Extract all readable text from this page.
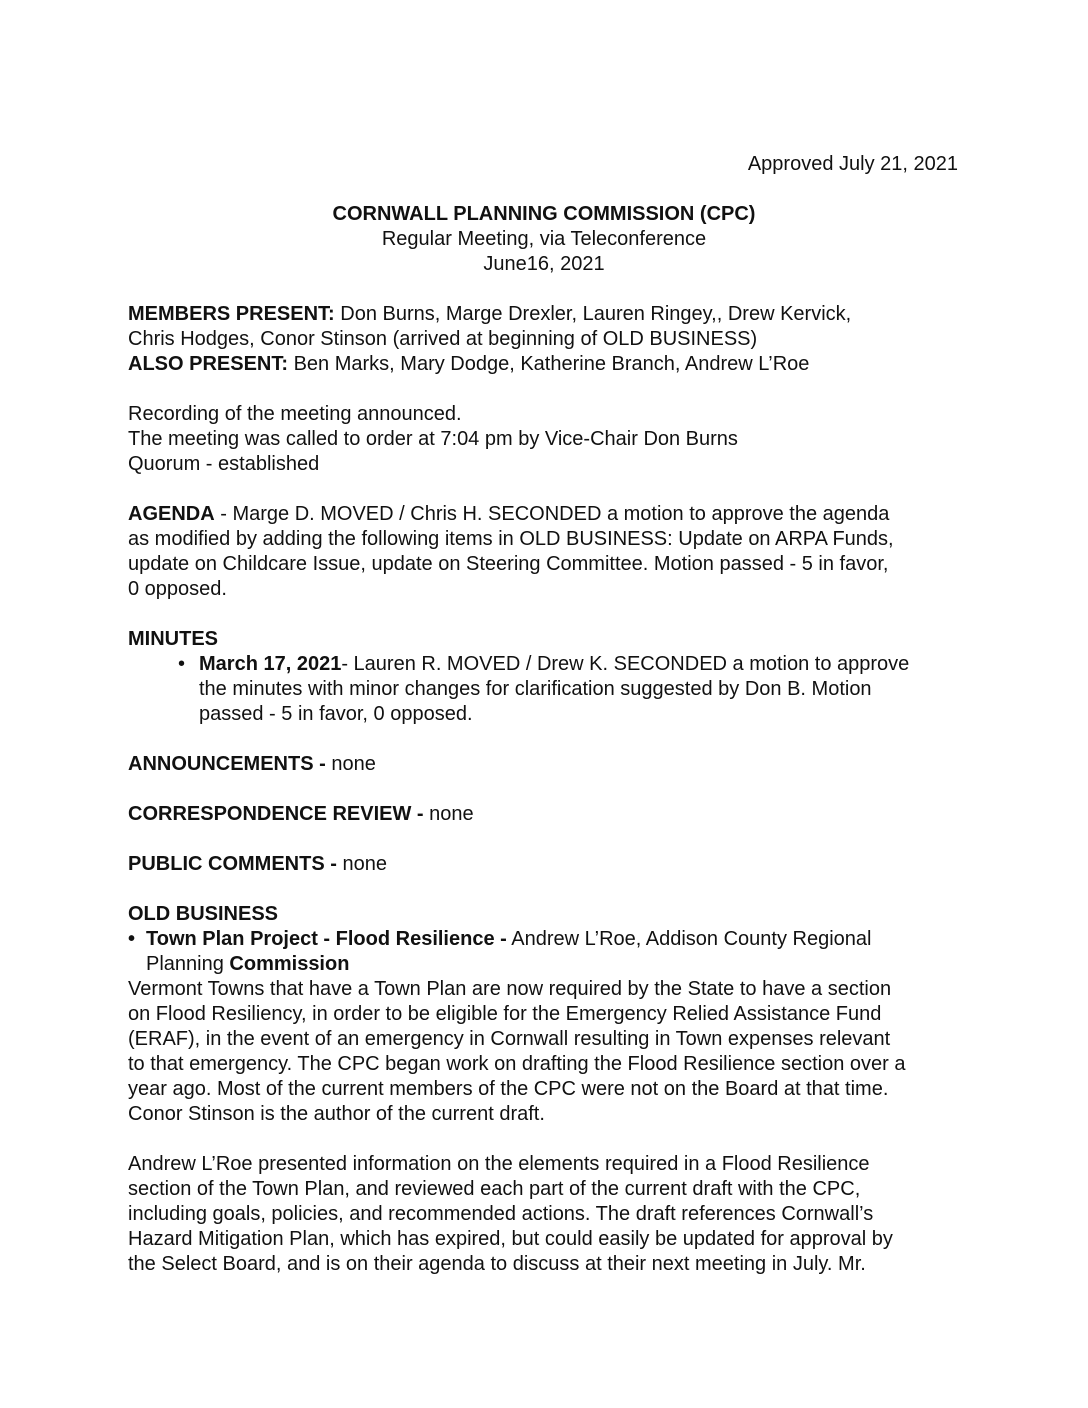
Approved July 21, 2021
CORNWALL PLANNING COMMISSION (CPC)
Regular Meeting, via Teleconference
June16, 2021
MEMBERS PRESENT: Don Burns, Marge Drexler, Lauren Ringey,, Drew Kervick,
Chris Hodges, Conor Stinson (arrived at beginning of OLD BUSINESS)
ALSO PRESENT: Ben Marks, Mary Dodge, Katherine Branch, Andrew L’Roe
Recording of the meeting announced.
The meeting was called to order at 7:04 pm by Vice-Chair Don Burns
Quorum - established
AGENDA - Marge D. MOVED / Chris H. SECONDED a motion to approve the agenda
as modified by adding the following items in OLD BUSINESS: Update on ARPA Funds,
update on Childcare Issue, update on Steering Committee. Motion passed - 5 in favor,
0 opposed.
MINUTES
• March 17, 2021- Lauren R. MOVED / Drew K. SECONDED a motion to approve
the minutes with minor changes for clarification suggested by Don B. Motion
passed - 5 in favor, 0 opposed.
ANNOUNCEMENTS - none
CORRESPONDENCE REVIEW - none
PUBLIC COMMENTS - none
OLD BUSINESS
• Town Plan Project - Flood Resilience - Andrew L’Roe, Addison County Regional
Planning Commission
Vermont Towns that have a Town Plan are now required by the State to have a section
on Flood Resiliency, in order to be eligible for the Emergency Relied Assistance Fund
(ERAF), in the event of an emergency in Cornwall resulting in Town expenses relevant
to that emergency. The CPC began work on drafting the Flood Resilience section over a
year ago. Most of the current members of the CPC were not on the Board at that time.
Conor Stinson is the author of the current draft.
Andrew L’Roe presented information on the elements required in a Flood Resilience
section of the Town Plan, and reviewed each part of the current draft with the CPC,
including goals, policies, and recommended actions. The draft references Cornwall’s
Hazard Mitigation Plan, which has expired, but could easily be updated for approval by
the Select Board, and is on their agenda to discuss at their next meeting in July. Mr.
